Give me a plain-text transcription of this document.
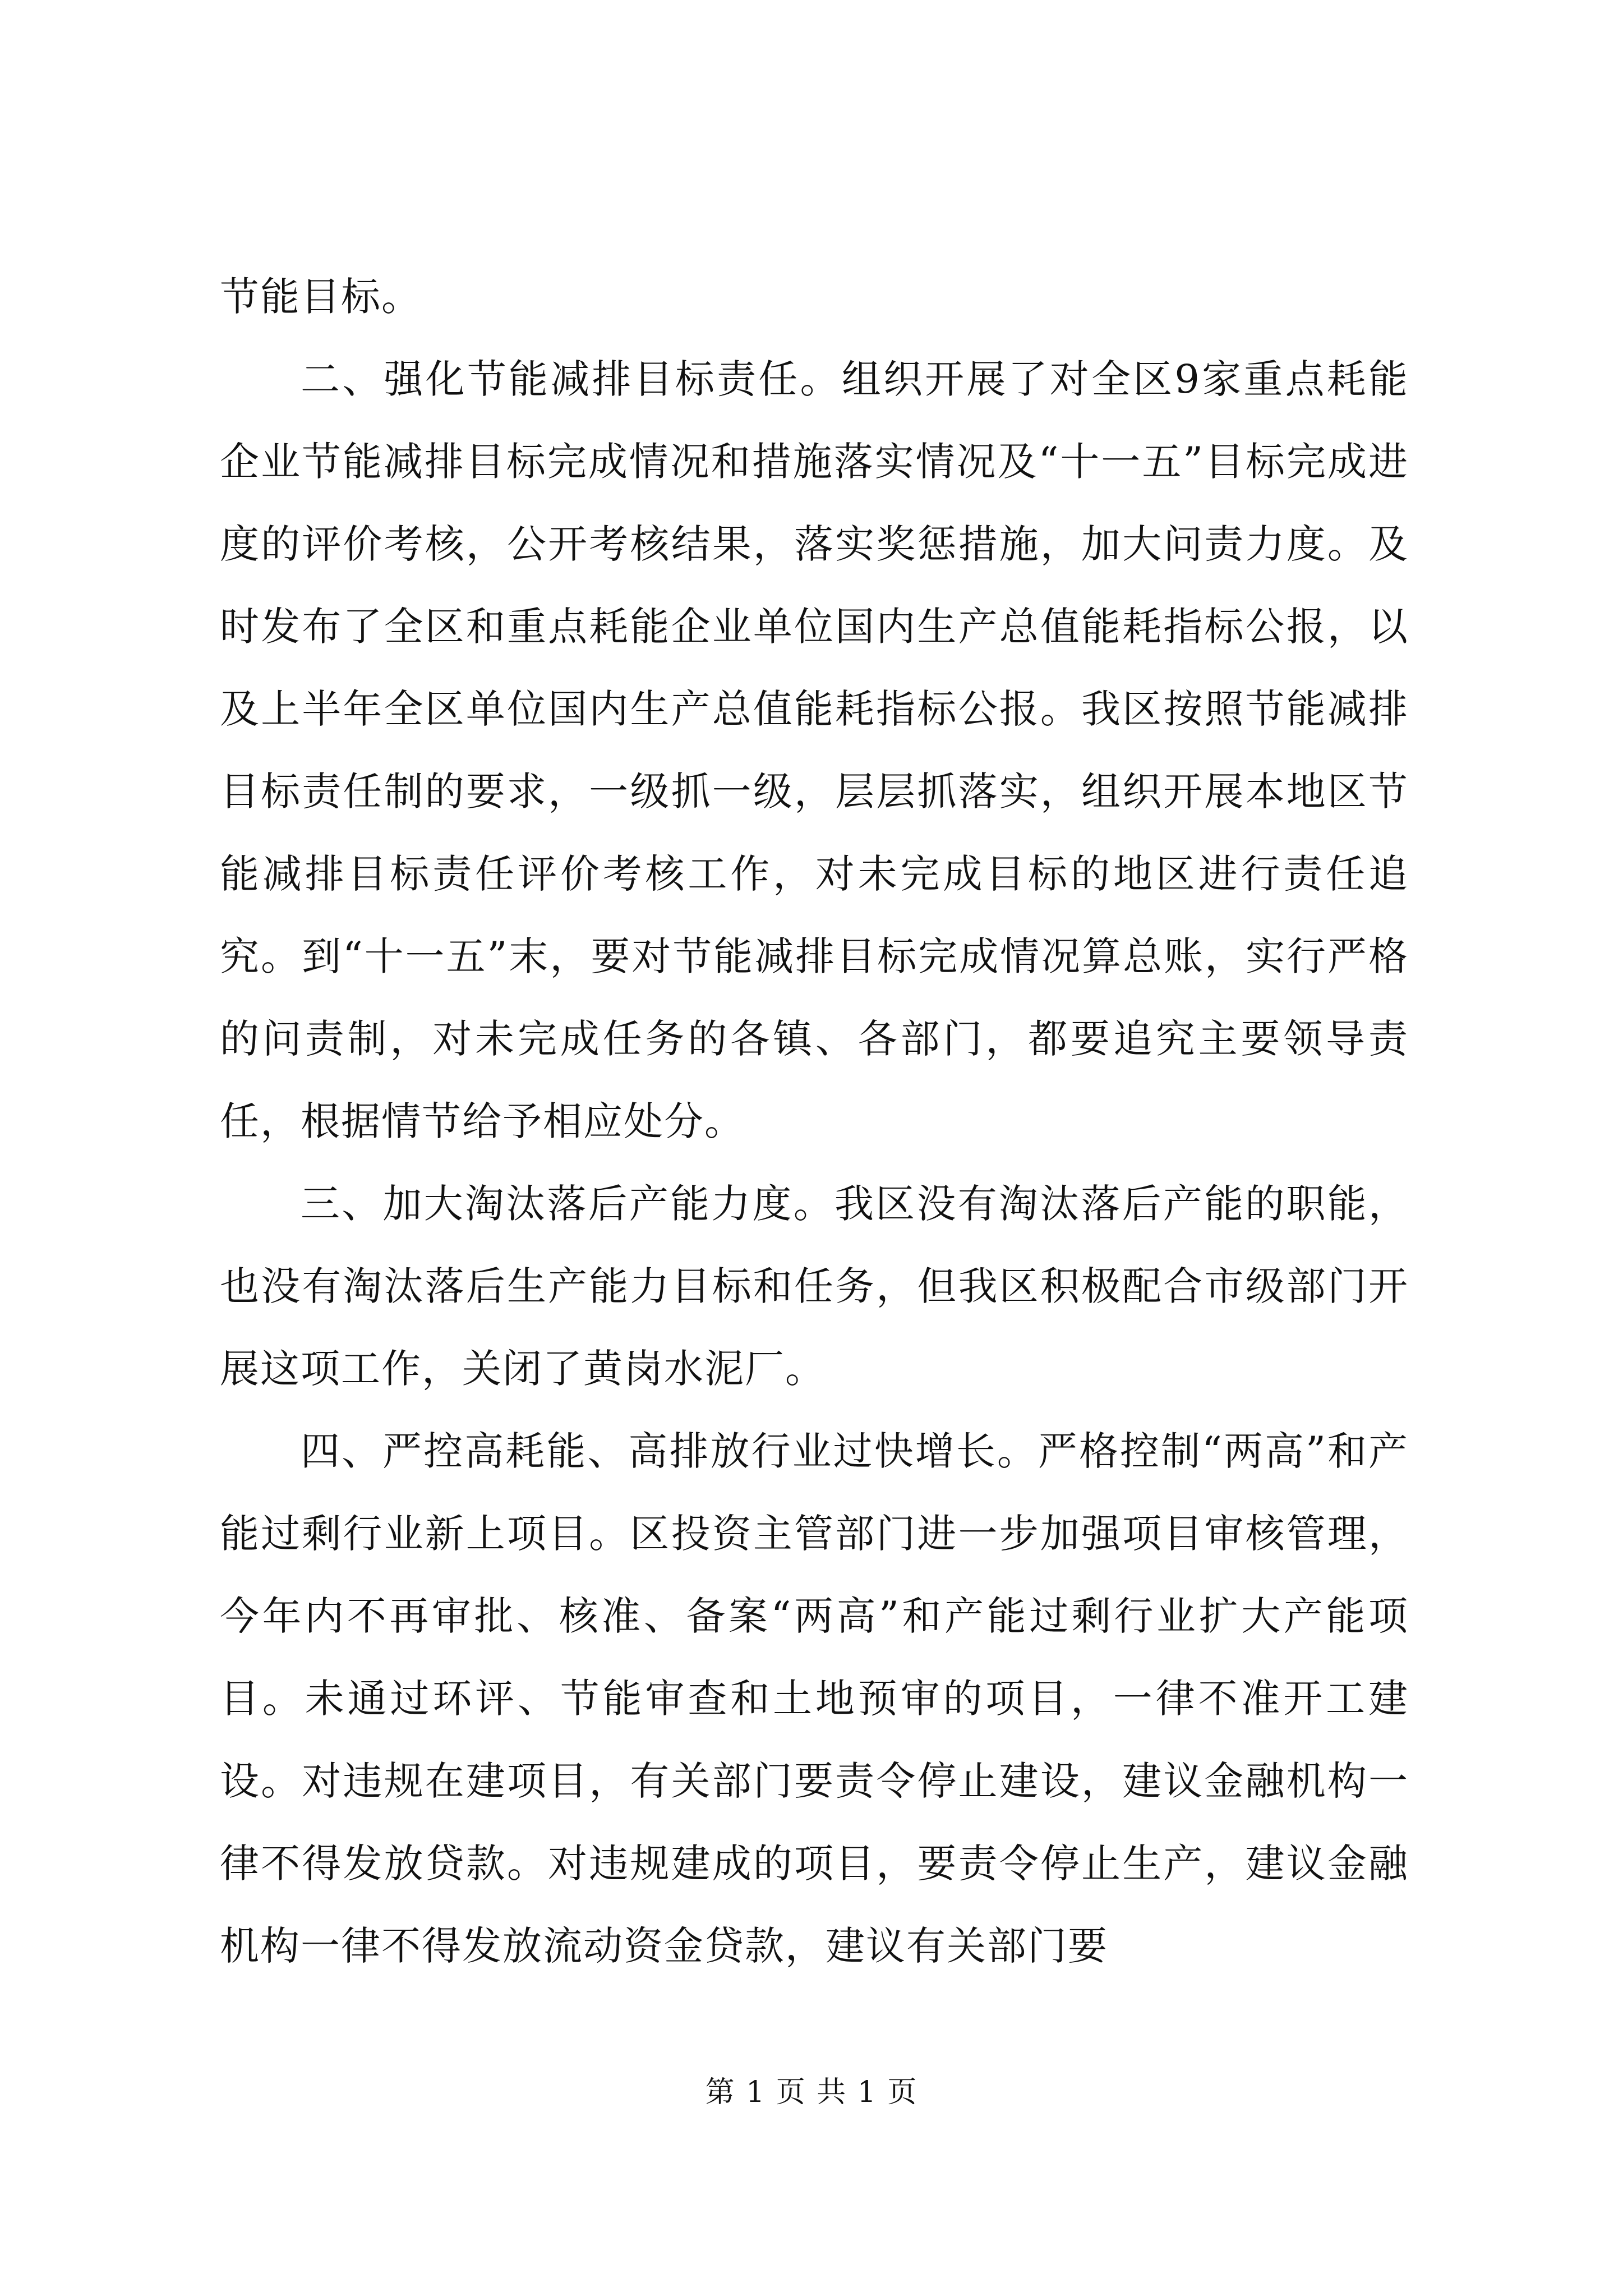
节能目标。

二、强化节能减排目标责任。组织开展了对全区9家重点耗能企业节能减排目标完成情况和措施落实情况及“十一五”目标完成进度的评价考核，公开考核结果，落实奖惩措施，加大问责力度。及时发布了全区和重点耗能企业单位国内生产总值能耗指标公报，以及上半年全区单位国内生产总值能耗指标公报。我区按照节能减排目标责任制的要求，一级抓一级，层层抓落实，组织开展本地区节能减排目标责任评价考核工作，对未完成目标的地区进行责任追究。到“十一五”末，要对节能减排目标完成情况算总账，实行严格的问责制，对未完成任务的各镇、各部门，都要追究主要领导责任，根据情节给予相应处分。

三、加大淘汰落后产能力度。我区没有淘汰落后产能的职能，也没有淘汰落后生产能力目标和任务，但我区积极配合市级部门开展这项工作，关闭了黄岗水泥厂。

四、严控高耗能、高排放行业过快增长。严格控制“两高”和产能过剩行业新上项目。区投资主管部门进一步加强项目审核管理，今年内不再审批、核准、备案“两高”和产能过剩行业扩大产能项目。未通过环评、节能审查和土地预审的项目，一律不准开工建设。对违规在建项目，有关部门要责令停止建设，建议金融机构一律不得发放贷款。对违规建成的项目，要责令停止生产，建议金融机构一律不得发放流动资金贷款，建议有关部门要

第 1 页 共 1 页
